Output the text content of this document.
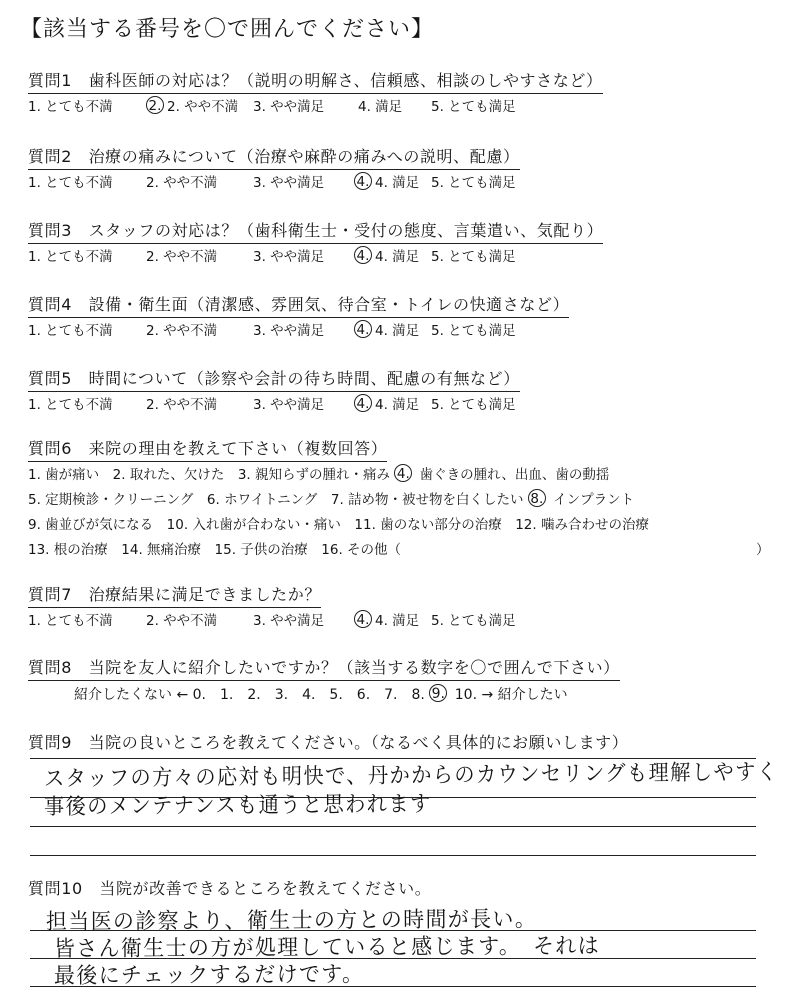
【該当する番号を〇で囲んでください】
質問1　歯科医師の対応は？（説明の明解さ、信頼感、相談のしやすさなど）
1. とても不満	2. 2. やや不満 3. やや満足	4. 満足 5. とても満足
質問2　治療の痛みについて（治療や麻酔の痛みへの説明、配慮）
1. とても不満 2. やや不満	3. やや満足 4. 4. 満足 5. とても満足
質問3　スタッフの対応は？（歯科衛生士・受付の態度、言葉遣い、気配り）
1. とても不満 2. やや不満	3. やや満足 4. 4. 満足 5. とても満足
質問4　設備・衛生面（清潔感、雰囲気、待合室・トイレの快適さなど）
1. とても不満 2. やや不満	3. やや満足 4. 4. 満足 5. とても満足
質問5　時間について（診察や会計の待ち時間、配慮の有無など）
1. とても不満 2. やや不満	3. やや満足 4. 4. 満足 5. とても満足
質問6　来院の理由を教えて下さい（複数回答）
1. 歯が痛い　2. 取れた、欠けた　3. 親知らずの腫れ・痛み 4. 歯ぐきの腫れ、出血、歯の動揺
5. 定期検診・クリーニング　6. ホワイトニング　7. 詰め物・被せ物を白くしたい 8. インプラント
9. 歯並びが気になる　10. 入れ歯が合わない・痛い　11. 歯のない部分の治療　12. 噛み合わせの治療
13. 根の治療　14. 無痛治療　15. 子供の治療　16. その他（	）
質問7　治療結果に満足できましたか？
1. とても不満 2. やや不満	3. やや満足 4. 4. 満足 5. とても満足
質問8　当院を友人に紹介したいですか？（該当する数字を〇で囲んで下さい）
紹介したくない ← 0.　1.　2.　3.　4.　5.　6.　7.　8. 9. 10. → 紹介したい
質問9　当院の良いところを教えてください。（なるべく具体的にお願いします）
スタッフの方々の応対も明快で、丹かからのカウンセリングも理解しやすく
事後のメンテナンスも通うと思われます
質問10　当院が改善できるところを教えてください。
担当医の診察より、衛生士の方との時間が長い。
皆さん衛生士の方が処理していると感じます。　それは
最後にチェックするだけです。
